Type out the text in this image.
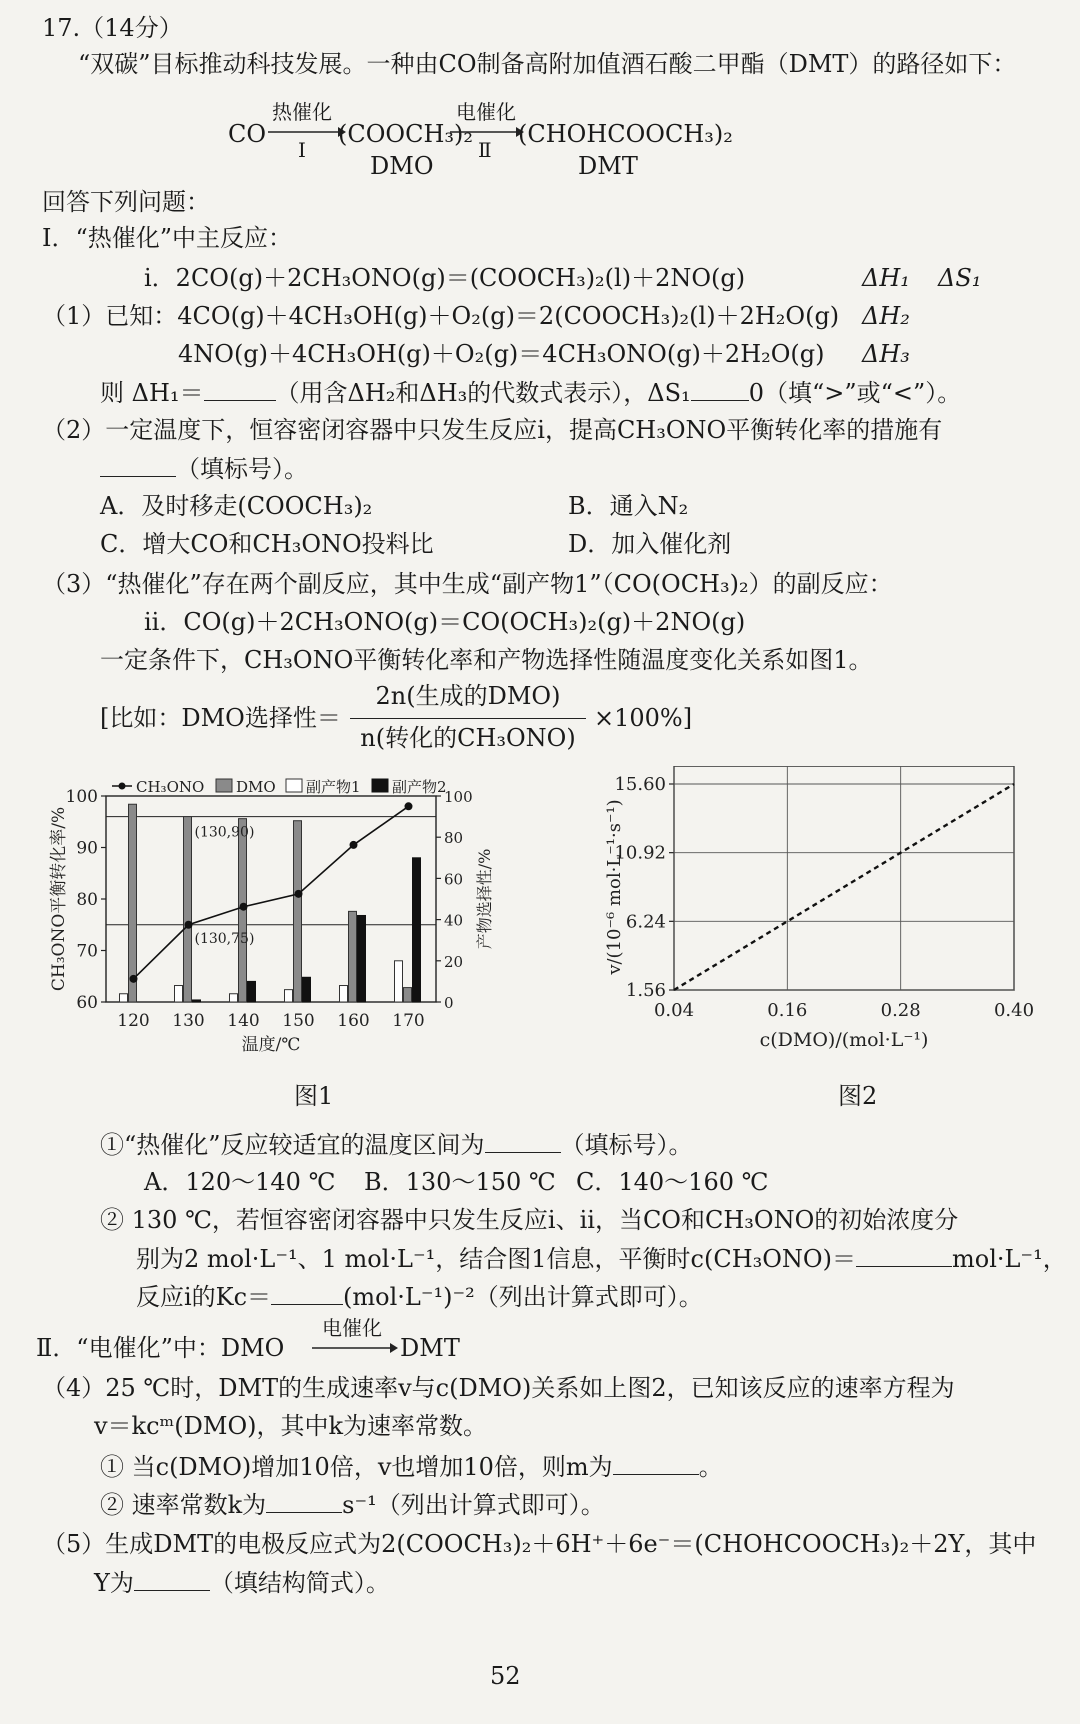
17.（14分）
“双碳”目标推动科技发展。一种由CO制备高附加值酒石酸二甲酯（DMT）的路径如下：
CO
热催化
Ⅰ
(COOCH₃)₂
DMO
电催化
Ⅱ
(CHOHCOOCH₃)₂
DMT
回答下列问题：
Ⅰ．“热催化”中主反应：
i．2CO(g)＋2CH₃ONO(g)＝(COOCH₃)₂(l)＋2NO(g)	ΔH₁ ΔS₁
（1）已知：4CO(g)＋4CH₃OH(g)＋O₂(g)＝2(COOCH₃)₂(l)＋2H₂O(g) ΔH₂
4NO(g)＋4CH₃OH(g)＋O₂(g)＝4CH₃ONO(g)＋2H₂O(g) ΔH₃
则 ΔH₁＝	（用含ΔH₂和ΔH₃的代数式表示），ΔS₁ 0（填“>”或“<”）。
（2）一定温度下，恒容密闭容器中只发生反应i，提高CH₃ONO平衡转化率的措施有
（填标号）。
A．及时移走(COOCH₃)₂	B．通入N₂
C．增大CO和CH₃ONO投料比	D．加入催化剂
（3）“热催化”存在两个副反应，其中生成“副产物1”（CO(OCH₃)₂）的副反应：
ii．CO(g)＋2CH₃ONO(g)＝CO(OCH₃)₂(g)＋2NO(g)
一定条件下，CH₃ONO平衡转化率和产物选择性随温度变化关系如图1。
[比如：DMO选择性＝
2n(生成的DMO)
n(转化的CH₃ONO)
×100%]
60
70
80
90
100
0
20
40
60
80
100
120 130 140 150 160 170
(130,90)
(130,75)
CH₃ONO DMO 副产物1 副产物2
温度/℃
CH₃ONO平衡转化率/%	产物选择性/%
图1
1.56
6.24
10.92
15.60
0.04	0.16	0.28	0.40
c(DMO)/(mol·L⁻¹)
v/(10⁻⁶ mol·L⁻¹·s⁻¹)
图2
①“热催化”反应较适宜的温度区间为	（填标号）。
A．120～140 ℃ B．130～150 ℃ C．140～160 ℃
② 130 ℃，若恒容密闭容器中只发生反应i、ii，当CO和CH₃ONO的初始浓度分
别为2 mol·L⁻¹、1 mol·L⁻¹，结合图1信息，平衡时c(CH₃ONO)＝	mol·L⁻¹，
反应i的Kc＝	(mol·L⁻¹)⁻²（列出计算式即可）。
Ⅱ．“电催化”中：DMO
电催化
DMT
（4）25 ℃时，DMT的生成速率v与c(DMO)关系如上图2，已知该反应的速率方程为
v＝kcᵐ(DMO)，其中k为速率常数。
① 当c(DMO)增加10倍，v也增加10倍，则m为	。
② 速率常数k为	s⁻¹（列出计算式即可）。
（5）生成DMT的电极反应式为2(COOCH₃)₂＋6H⁺＋6e⁻＝(CHOHCOOCH₃)₂＋2Y，其中
Y为	（填结构简式）。
52
